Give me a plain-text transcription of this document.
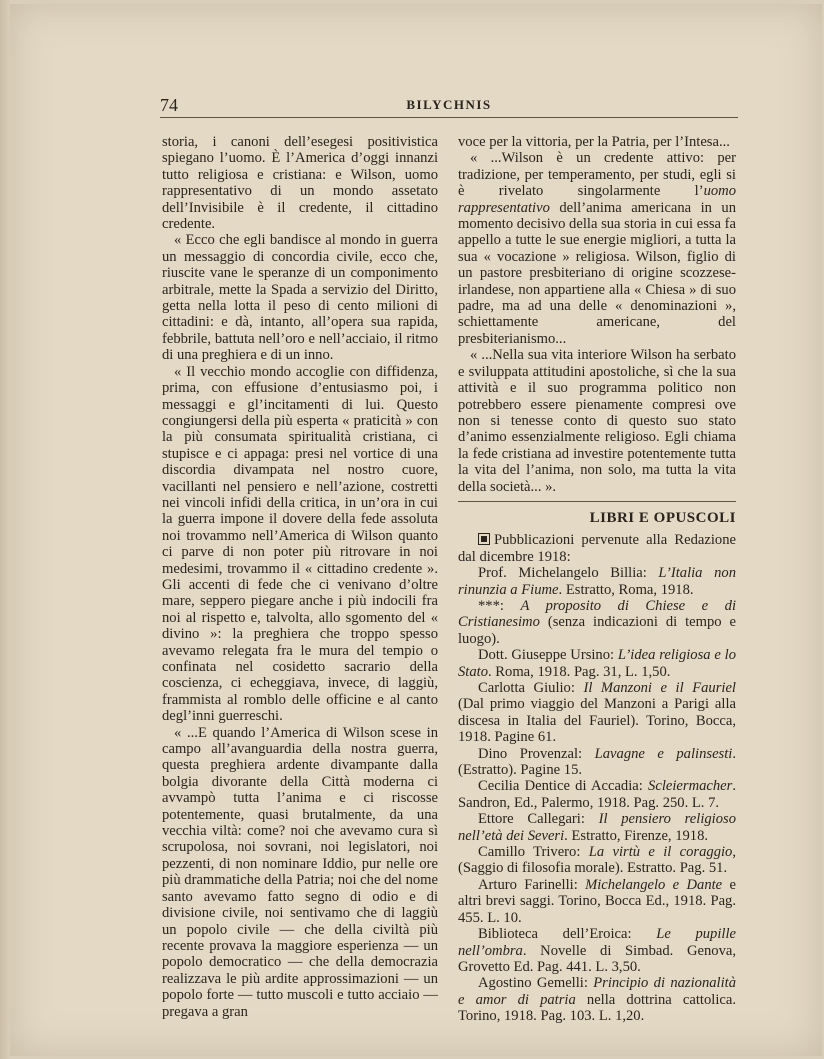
74	BILYCHNIS

storia, i canoni dell’esegesi positivistica spiegano l’uomo. È l’America d’oggi innanzi tutto religiosa e cristiana: e Wilson, uomo rappresentativo di un mondo assetato dell’Invisibile è il credente, il cittadino credente.

« Ecco che egli bandisce al mondo in guerra un messaggio di concordia civile, ecco che, riuscite vane le speranze di un componimento arbitrale, mette la Spada a servizio del Diritto, getta nella lotta il peso di cento milioni di cittadini: e dà, intanto, all’opera sua rapida, febbrile, battuta nell’oro e nell’acciaio, il ritmo di una preghiera e di un inno.

« Il vecchio mondo accoglie con diffidenza, prima, con effusione d’entusiasmo poi, i messaggi e gl’incitamenti di lui. Questo congiungersi della più esperta « praticità » con la più consumata spiritualità cristiana, ci stupisce e ci appaga: presi nel vortice di una discordia divampata nel nostro cuore, vacillanti nel pensiero e nell’azione, costretti nei vincoli infidi della critica, in un’ora in cui la guerra impone il dovere della fede assoluta noi trovammo nell’America di Wilson quanto ci parve di non poter più ritrovare in noi medesimi, trovammo il « cittadino credente ». Gli accenti di fede che ci venivano d’oltre mare, seppero piegare anche i più indocili fra noi al rispetto e, talvolta, allo sgomento del « divino »: la preghiera che troppo spesso avevamo relegata fra le mura del tempio o confinata nel cosidetto sacrario della coscienza, ci echeggiava, invece, di laggiù, frammista al romblo delle officine e al canto degl’inni guerreschi.

« ...E quando l’America di Wilson scese in campo all’avanguardia della nostra guerra, questa preghiera ardente divampante dalla bolgia divorante della Città moderna ci avvampò tutta l’anima e ci riscosse potentemente, quasi brutalmente, da una vecchia viltà: come? noi che avevamo cura sì scrupolosa, noi sovrani, noi legislatori, noi pezzenti, di non nominare Iddio, pur nelle ore più drammatiche della Patria; noi che del nome santo avevamo fatto segno di odio e di divisione civile, noi sentivamo che di laggiù un popolo civile — che della civiltà più recente provava la maggiore esperienza — un popolo democratico — che della democrazia realizzava le più ardite approssimazioni — un popolo forte — tutto muscoli e tutto acciaio — pregava a gran

voce per la vittoria, per la Patria, per l’Intesa...

« ...Wilson è un credente attivo: per tradizione, per temperamento, per studi, egli si è rivelato singolarmente l’uomo rappresentativo dell’anima americana in un momento decisivo della sua storia in cui essa fa appello a tutte le sue energie migliori, a tutta la sua « vocazione » religiosa. Wilson, figlio di un pastore presbiteriano di origine scozzese-irlandese, non appartiene alla « Chiesa » di suo padre, ma ad una delle « denominazioni », schiettamente americane, del presbiterianismo...

« ...Nella sua vita interiore Wilson ha serbato e sviluppata attitudini apostoliche, sì che la sua attività e il suo programma politico non potrebbero essere pienamente compresi ove non si tenesse conto di questo suo stato d’animo essenzialmente religioso. Egli chiama la fede cristiana ad investire potentemente tutta la vita del l’anima, non solo, ma tutta la vita della società... ».

LIBRI E OPUSCOLI

Pubblicazioni pervenute alla Redazione dal dicembre 1918:

Prof. Michelangelo Billia: L’Italia non rinunzia a Fiume. Estratto, Roma, 1918.

***: A proposito di Chiese e di Cristianesimo (senza indicazioni di tempo e luogo).

Dott. Giuseppe Ursino: L’idea religiosa e lo Stato. Roma, 1918. Pag. 31, L. 1,50.

Carlotta Giulio: Il Manzoni e il Fauriel (Dal primo viaggio del Manzoni a Parigi alla discesa in Italia del Fauriel). Torino, Bocca, 1918. Pagine 61.

Dino Provenzal: Lavagne e palinsesti. (Estratto). Pagine 15.

Cecilia Dentice di Accadia: Scleiermacher. Sandron, Ed., Palermo, 1918. Pag. 250. L. 7.

Ettore Callegari: Il pensiero religioso nell’età dei Severi. Estratto, Firenze, 1918.

Camillo Trivero: La virtù e il coraggio, (Saggio di filosofia morale). Estratto. Pag. 51.

Arturo Farinelli: Michelangelo e Dante e altri brevi saggi. Torino, Bocca Ed., 1918. Pag. 455. L. 10.

Biblioteca dell’Eroica: Le pupille nell’ombra. Novelle di Simbad. Genova, Grovetto Ed. Pag. 441. L. 3,50.

Agostino Gemelli: Principio di nazionalità e amor di patria nella dottrina cattolica. Torino, 1918. Pag. 103. L. 1,20.
